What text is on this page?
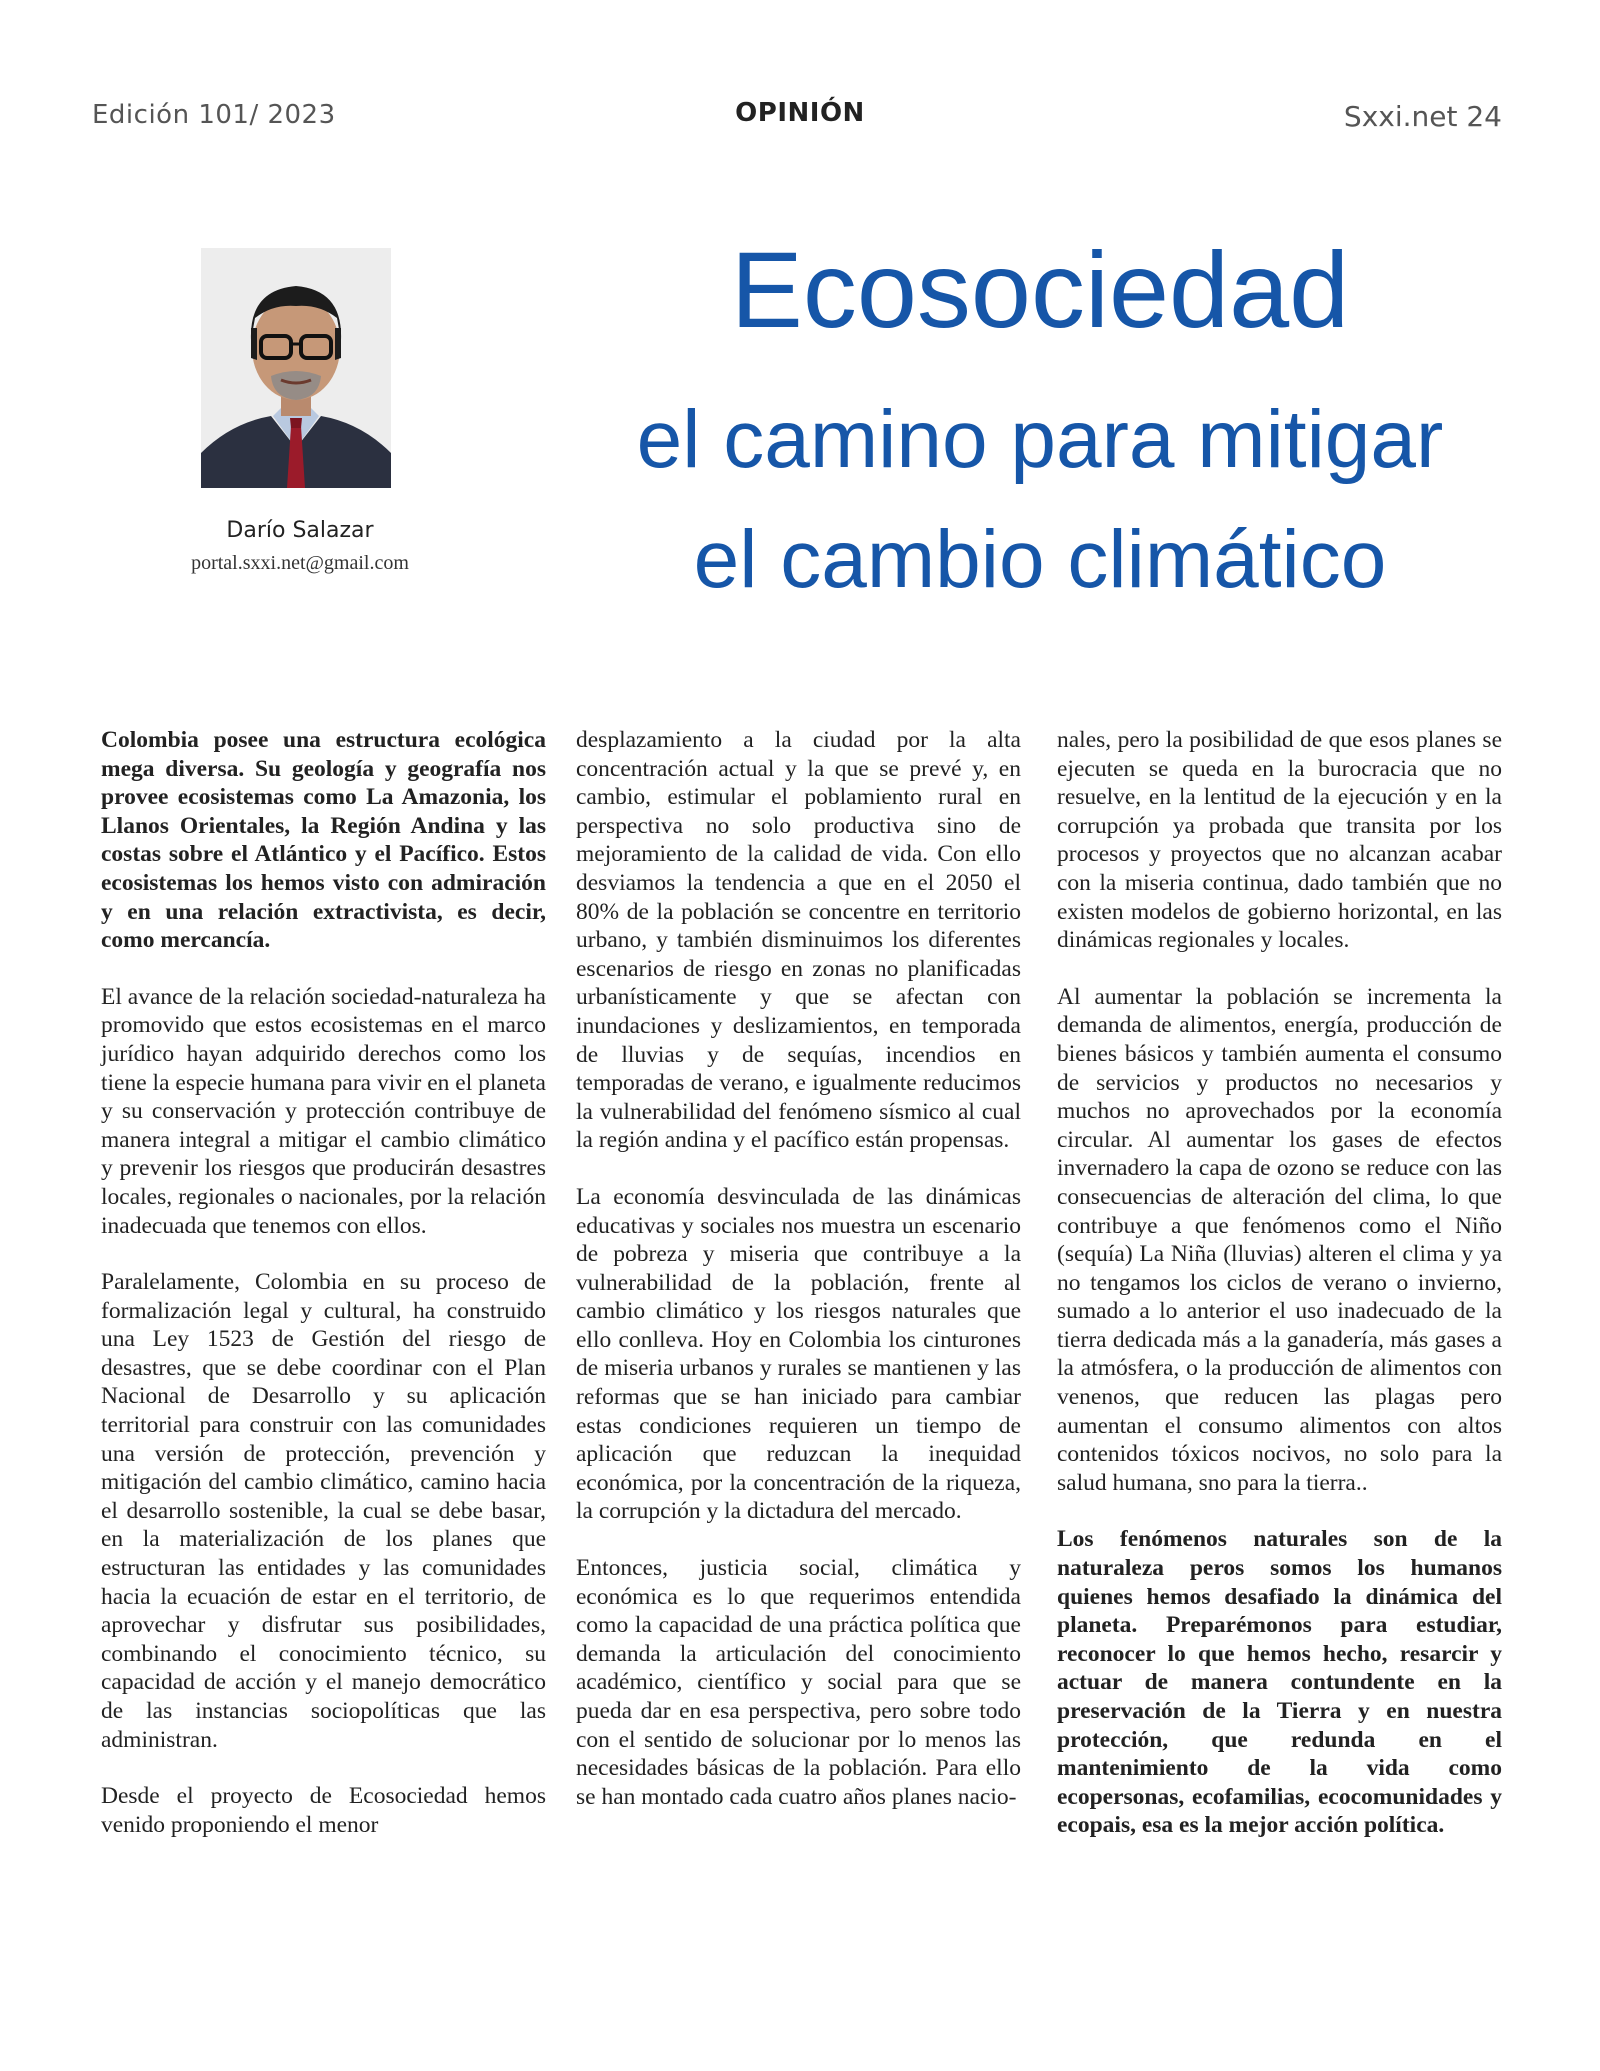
Edición 101/ 2023	OPINIÓN	Sxxi.net 24
Darío Salazar
portal.sxxi.net@gmail.com
Ecosociedad
el camino para mitigar
el cambio climático

Colombia posee una estructura ecológica mega diversa. Su geología y geografía nos provee ecosistemas como La Amazonia, los Llanos Orientales, la Región Andina y las costas sobre el Atlántico y el Pacífico. Estos ecosistemas los hemos visto con admiración y en una relación extractivista, es decir, como mercancía.

El avance de la relación sociedad-naturaleza ha promovido que estos ecosistemas en el marco jurídico hayan adquirido derechos como los tiene la especie humana para vivir en el planeta y su conservación y protección contribuye de manera integral a mitigar el cambio climático y prevenir los riesgos que producirán desastres locales, regionales o nacionales, por la relación inadecuada que tenemos con ellos.

Paralelamente, Colombia en su proceso de formalización legal y cultural, ha construido una Ley 1523 de Gestión del riesgo de desastres, que se debe coordinar con el Plan Nacional de Desarrollo y su aplicación territorial para construir con las comunidades una versión de protección, prevención y mitigación del cambio climático, camino hacia el desarrollo sostenible, la cual se debe basar, en la materialización de los planes que estructuran las entidades y las comunidades hacia la ecuación de estar en el territorio, de aprovechar y disfrutar sus posibilidades, combinando el conocimiento técnico, su capacidad de acción y el manejo democrático de las instancias sociopolíticas que las administran.

Desde el proyecto de Ecosociedad hemos venido proponiendo el menor

desplazamiento a la ciudad por la alta concentración actual y la que se prevé y, en cambio, estimular el poblamiento rural en perspectiva no solo productiva sino de mejoramiento de la calidad de vida. Con ello desviamos la tendencia a que en el 2050 el 80% de la población se concentre en territorio urbano, y también disminuimos los diferentes escenarios de riesgo en zonas no planificadas urbanísticamente y que se afectan con inundaciones y deslizamientos, en temporada de lluvias y de sequías, incendios en temporadas de verano, e igualmente reducimos la vulnerabilidad del fenómeno sísmico al cual la región andina y el pacífico están propensas.

La economía desvinculada de las dinámicas educativas y sociales nos muestra un escenario de pobreza y miseria que contribuye a la vulnerabilidad de la población, frente al cambio climático y los riesgos naturales que ello conlleva. Hoy en Colombia los cinturones de miseria urbanos y rurales se mantienen y las reformas que se han iniciado para cambiar estas condiciones requieren un tiempo de aplicación que reduzcan la inequidad económica, por la concentración de la riqueza, la corrupción y la dictadura del mercado.

Entonces, justicia social, climática y económica es lo que requerimos entendida como la capacidad de una práctica política que demanda la articulación del conocimiento académico, científico y social para que se pueda dar en esa perspectiva, pero sobre todo con el sentido de solucionar por lo menos las necesidades básicas de la población. Para ello se han montado cada cuatro años planes nacio-

nales, pero la posibilidad de que esos planes se ejecuten se queda en la burocracia que no resuelve, en la lentitud de la ejecución y en la corrupción ya probada que transita por los procesos y proyectos que no alcanzan acabar con la miseria continua, dado también que no existen modelos de gobierno horizontal, en las dinámicas regionales y locales.

Al aumentar la población se incrementa la demanda de alimentos, energía, producción de bienes básicos y también aumenta el consumo de servicios y productos no necesarios y muchos no aprovechados por la economía circular. Al aumentar los gases de efectos invernadero la capa de ozono se reduce con las consecuencias de alteración del clima, lo que contribuye a que fenómenos como el Niño (sequía) La Niña (lluvias) alteren el clima y ya no tengamos los ciclos de verano o invierno, sumado a lo anterior el uso inadecuado de la tierra dedicada más a la ganadería, más gases a la atmósfera, o la producción de alimentos con venenos, que reducen las plagas pero aumentan el consumo alimentos con altos contenidos tóxicos nocivos, no solo para la salud humana, sno para la tierra..

Los fenómenos naturales son de la naturaleza peros somos los humanos quienes hemos desafiado la dinámica del planeta. Preparémonos para estudiar, reconocer lo que hemos hecho, resarcir y actuar de manera contundente en la preservación de la Tierra y en nuestra protección, que redunda en el mantenimiento de la vida como ecopersonas, ecofamilias, ecocomunidades y ecopais, esa es la mejor acción política.
